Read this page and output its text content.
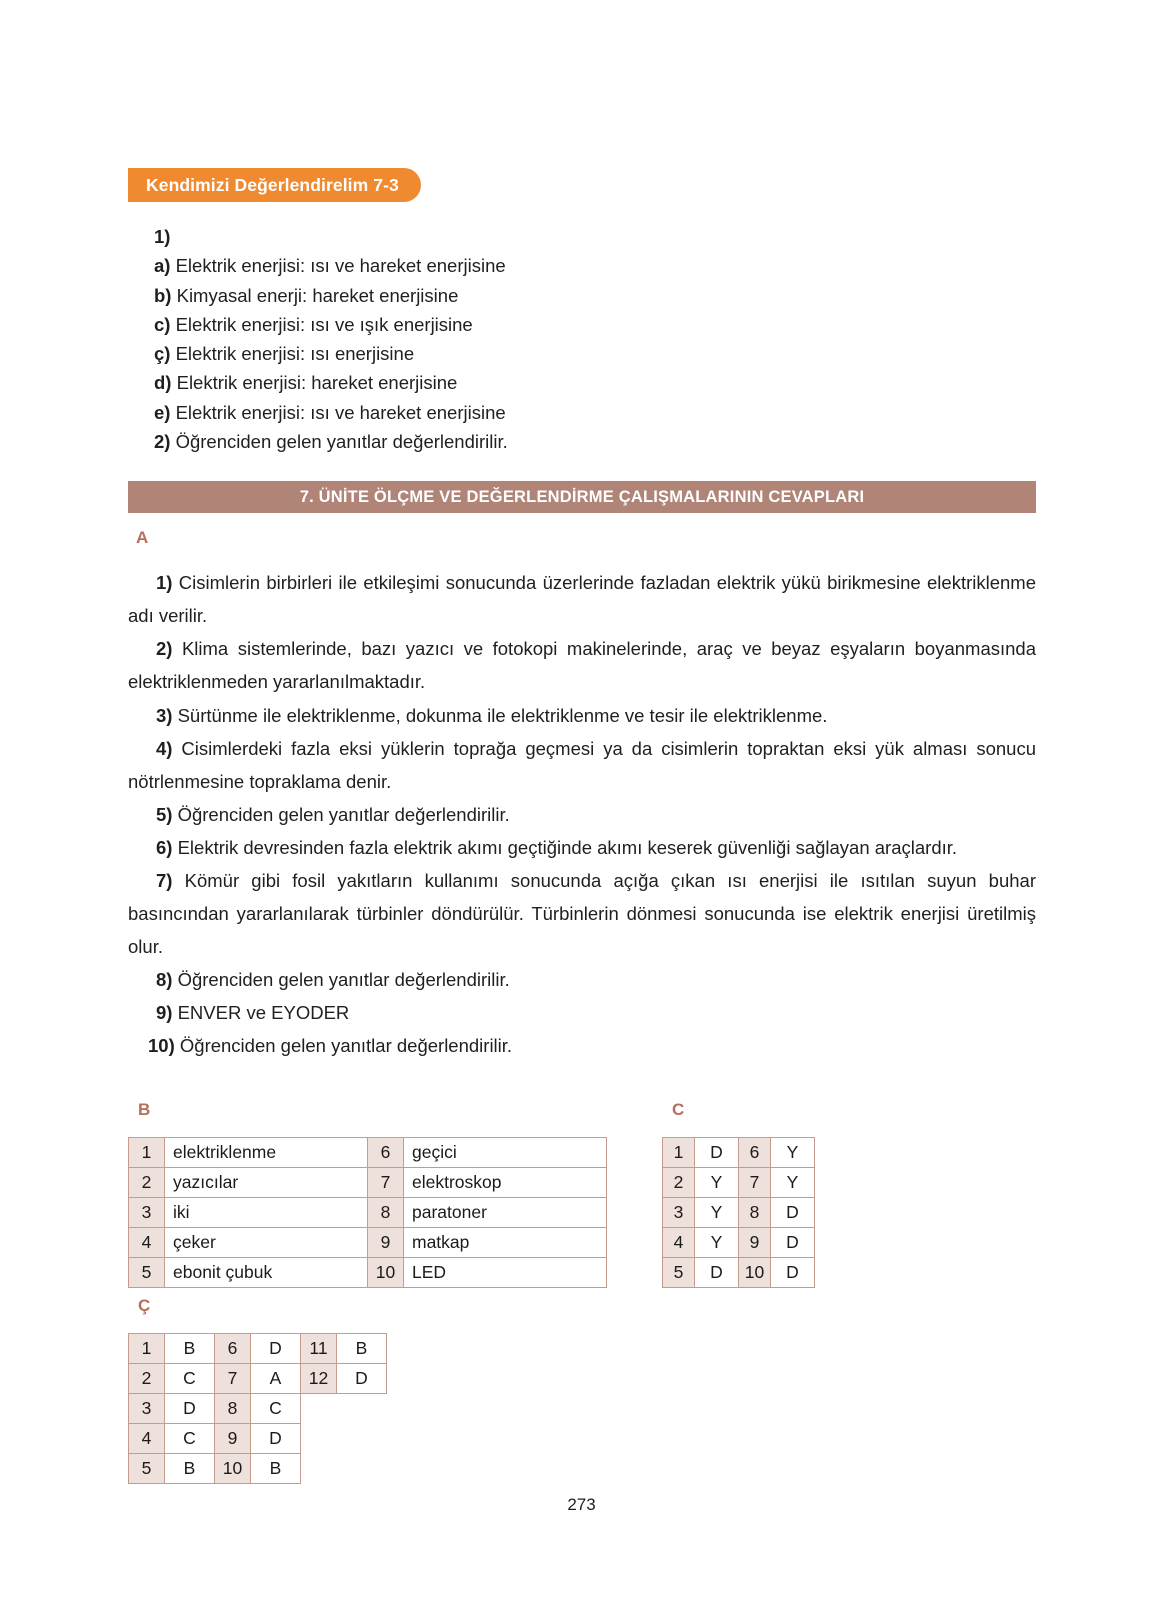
Kendimizi Değerlendirelim 7-3
1)
a) Elektrik enerjisi: ısı ve hareket enerjisine
b) Kimyasal enerji: hareket enerjisine
c) Elektrik enerjisi: ısı ve ışık enerjisine
ç) Elektrik enerjisi: ısı enerjisine
d) Elektrik enerjisi: hareket enerjisine
e) Elektrik enerjisi: ısı ve hareket enerjisine
2) Öğrenciden gelen yanıtlar değerlendirilir.
7. ÜNİTE ÖLÇME VE DEĞERLENDİRME ÇALIŞMALARININ CEVAPLARI
A
1) Cisimlerin birbirleri ile etkileşimi sonucunda üzerlerinde fazladan elektrik yükü birikmesine elektriklenme adı verilir.
2) Klima sistemlerinde, bazı yazıcı ve fotokopi makinelerinde, araç ve beyaz eşyaların boyanmasında elektriklenmeden yararlanılmaktadır.
3) Sürtünme ile elektriklenme, dokunma ile elektriklenme ve tesir ile elektriklenme.
4) Cisimlerdeki fazla eksi yüklerin toprağa geçmesi ya da cisimlerin topraktan eksi yük alması sonucu nötrlenmesine topraklama denir.
5) Öğrenciden gelen yanıtlar değerlendirilir.
6) Elektrik devresinden fazla elektrik akımı geçtiğinde akımı keserek güvenliği sağlayan araçlardır.
7) Kömür gibi fosil yakıtların kullanımı sonucunda açığa çıkan ısı enerjisi ile ısıtılan suyun buhar basıncından yararlanılarak türbinler döndürülür. Türbinlerin dönmesi sonucunda ise elektrik enerjisi üretilmiş olur.
8) Öğrenciden gelen yanıtlar değerlendirilir.
9) ENVER ve EYODER
10) Öğrenciden gelen yanıtlar değerlendirilir.
B
1	elektriklenme	6	geçici
2	yazıcılar	7	elektroskop
3	iki	8	paratoner
4	çeker	9	matkap
5	ebonit çubuk	10	LED
C
1	D	6	Y
2	Y	7	Y
3	Y	8	D
4	Y	9	D
5	D	10	D
Ç
1	B	6	D	11	B
2	C	7	A	12	D
3	D	8	C		
4	C	9	D		
5	B	10	B		
273
